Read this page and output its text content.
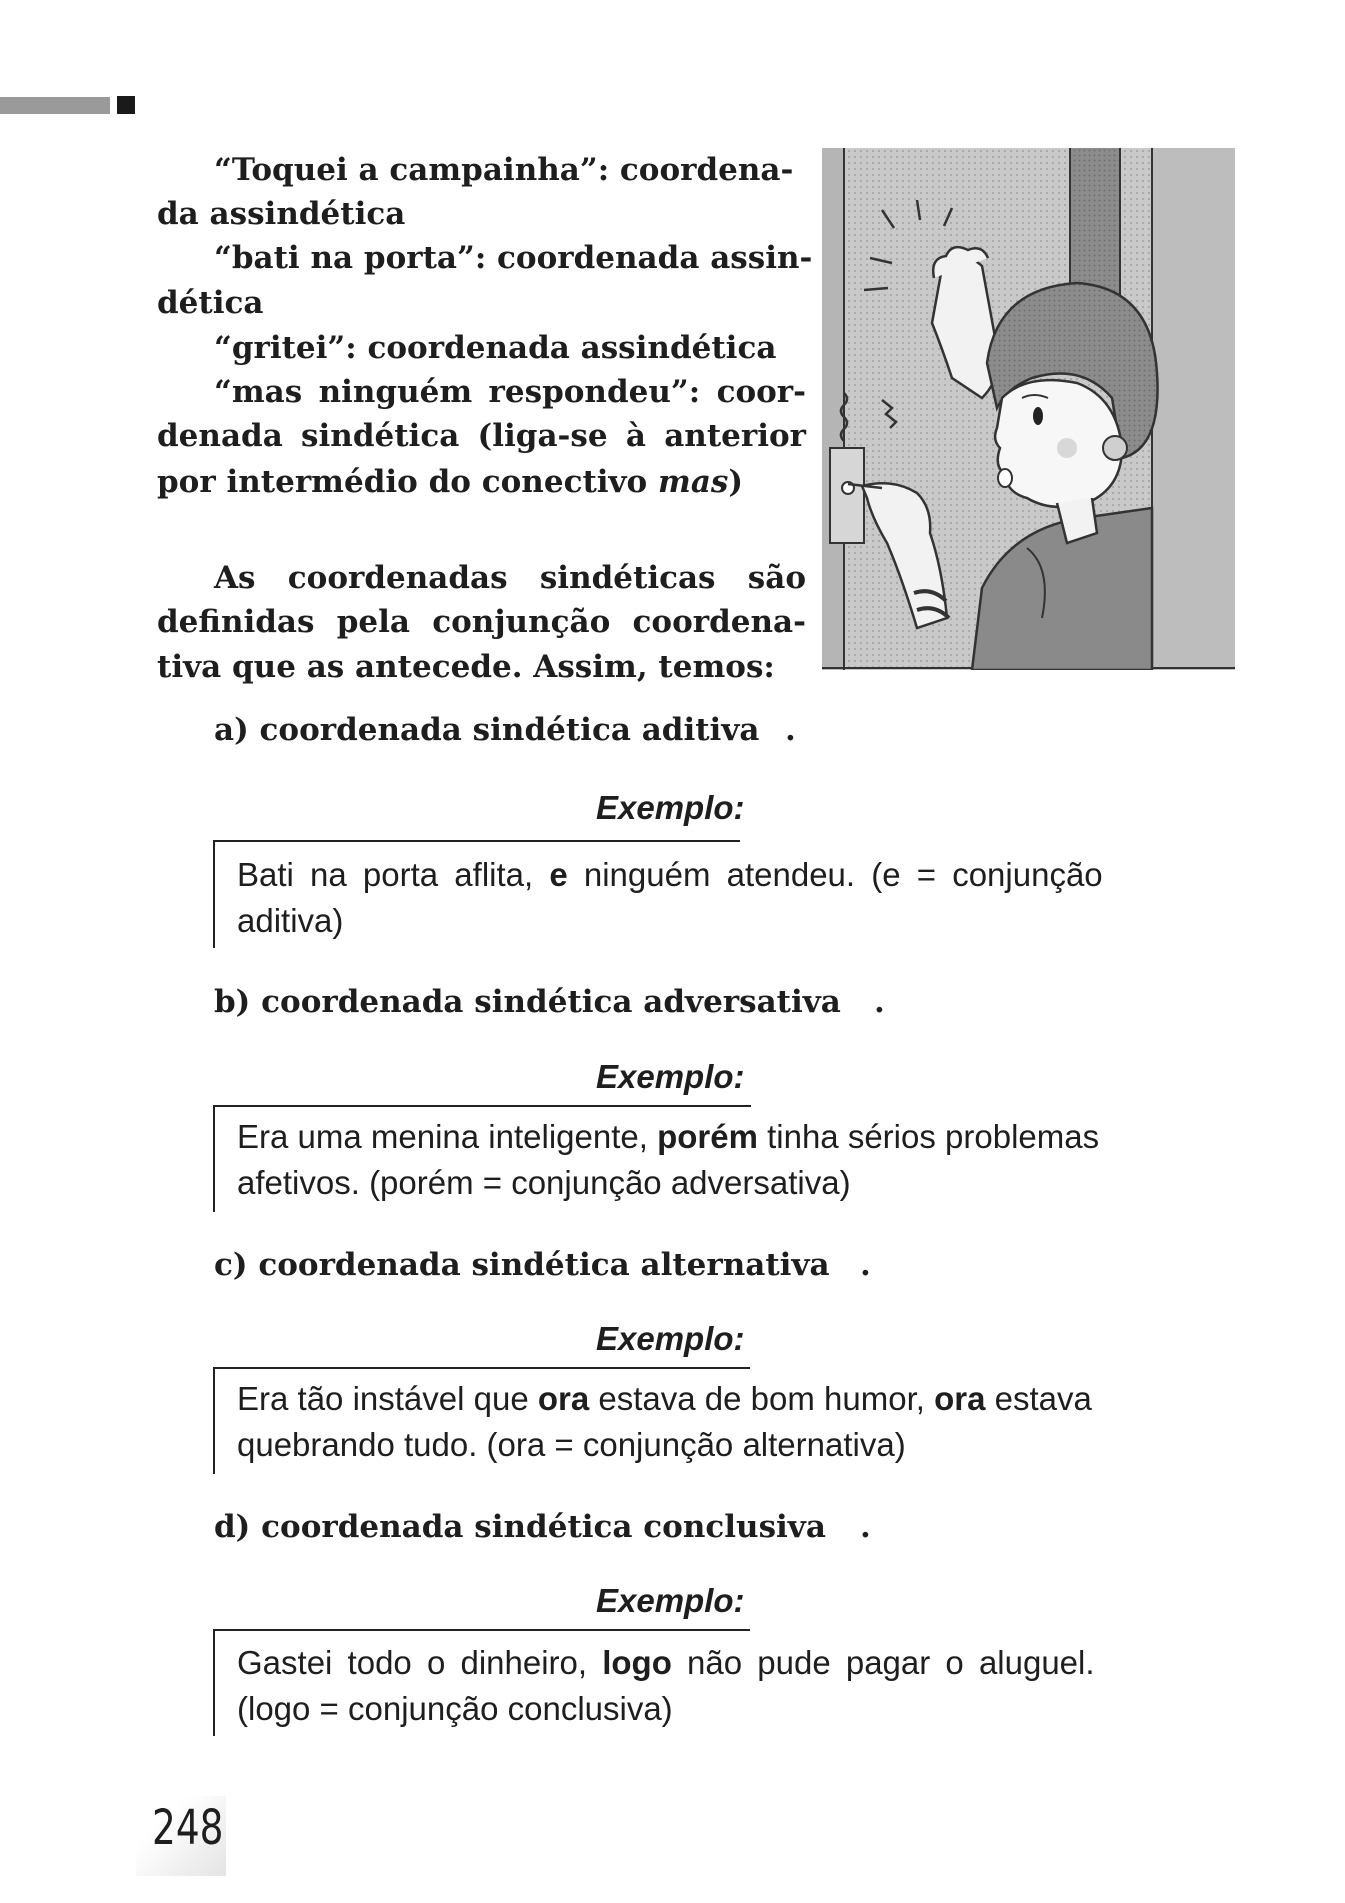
“Toquei a campainha”: coordena-
da assindética
“bati na porta”: coordenada assin-
dética
“gritei”: coordenada assindética
“mas ninguém respondeu”: coor-
denada sindética (liga-se à anterior
por intermédio do conectivo mas)
As coordenadas sindéticas são
definidas pela conjunção coordena-
tiva que as antecede. Assim, temos:
a) coordenada sindética aditiva .
Exemplo:
Bati na porta aflita, e ninguém atendeu. (e = conjunção
aditiva)
b) coordenada sindética adversativa .
Exemplo:
Era uma menina inteligente, porém tinha sérios problemas
afetivos. (porém = conjunção adversativa)
c) coordenada sindética alternativa .
Exemplo:
Era tão instável que ora estava de bom humor, ora estava
quebrando tudo. (ora = conjunção alternativa)
d) coordenada sindética conclusiva .
Exemplo:
Gastei todo o dinheiro, logo não pude pagar o aluguel.
(logo = conjunção conclusiva)
248
